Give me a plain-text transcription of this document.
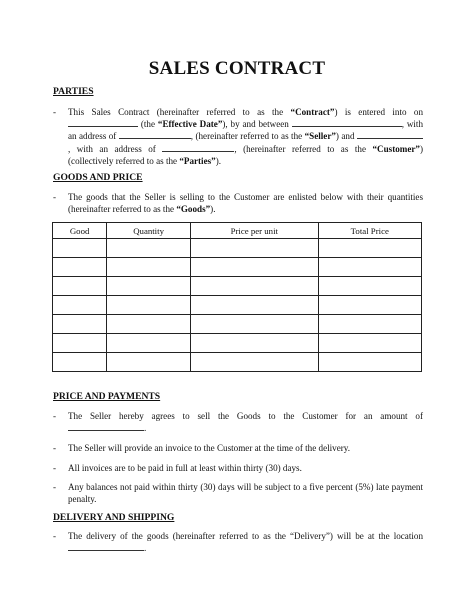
SALES CONTRACT
PARTIES
- This Sales Contract (hereinafter referred to as the “Contract”) is entered into on  (the “Effective Date”), by and between	, with an address of	, (hereinafter referred to as the “Seller”) and , with an address of	, (hereinafter referred to as the “Customer”) (collectively referred to as the “Parties”).
GOODS AND PRICE
- The goods that the Seller is selling to the Customer are enlisted below with their quantities (hereinafter referred to as the “Goods”).
Good	Quantity	Price per unit	Total Price

PRICE AND PAYMENTS
- The Seller hereby agrees to sell the Goods to the Customer for an amount of .
- The Seller will provide an invoice to the Customer at the time of the delivery.
- All invoices are to be paid in full at least within thirty (30) days.
- Any balances not paid within thirty (30) days will be subject to a five percent (5%) late payment penalty.
DELIVERY AND SHIPPING
- The delivery of the goods (hereinafter referred to as the “Delivery”) will be at the location .
